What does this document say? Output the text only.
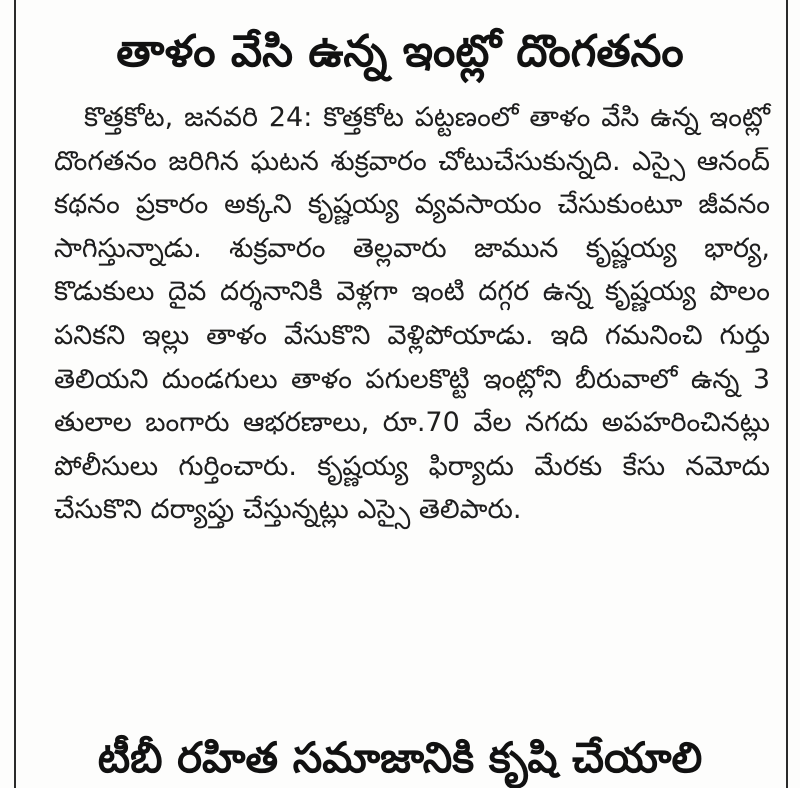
తాళం వేసి ఉన్న ఇంట్లో దొంగతనం

కొత్తకోట, జనవరి 24: కొత్తకోట పట్టణంలో తాళం వేసి ఉన్న ఇంట్లో దొంగతనం జరిగిన ఘటన శుక్రవారం చోటుచేసుకున్నది. ఎస్సై ఆనంద్ కథనం ప్రకారం అక్కని కృష్ణయ్య వ్యవసాయం చేసుకుంటూ జీవనం సాగిస్తున్నాడు. శుక్రవారం తెల్లవారు జామున కృష్ణయ్య భార్య, కొడుకులు దైవ దర్శనానికి వెళ్లగా ఇంటి దగ్గర ఉన్న కృష్ణయ్య పొలం పనికని ఇల్లు తాళం వేసుకొని వెళ్లిపోయాడు. ఇది గమనించి గుర్తు తెలియని దుండగులు తాళం పగులకొట్టి ఇంట్లోని బీరువాలో ఉన్న 3 తులాల బంగారు ఆభరణాలు, రూ.70 వేల నగదు అపహరించినట్లు పోలీసులు గుర్తించారు. కృష్ణయ్య ఫిర్యాదు మేరకు కేసు నమోదు చేసుకొని దర్యాప్తు చేస్తున్నట్లు ఎస్సై తెలిపారు.

టీబీ రహిత సమాజానికి కృషి చేయాలి
